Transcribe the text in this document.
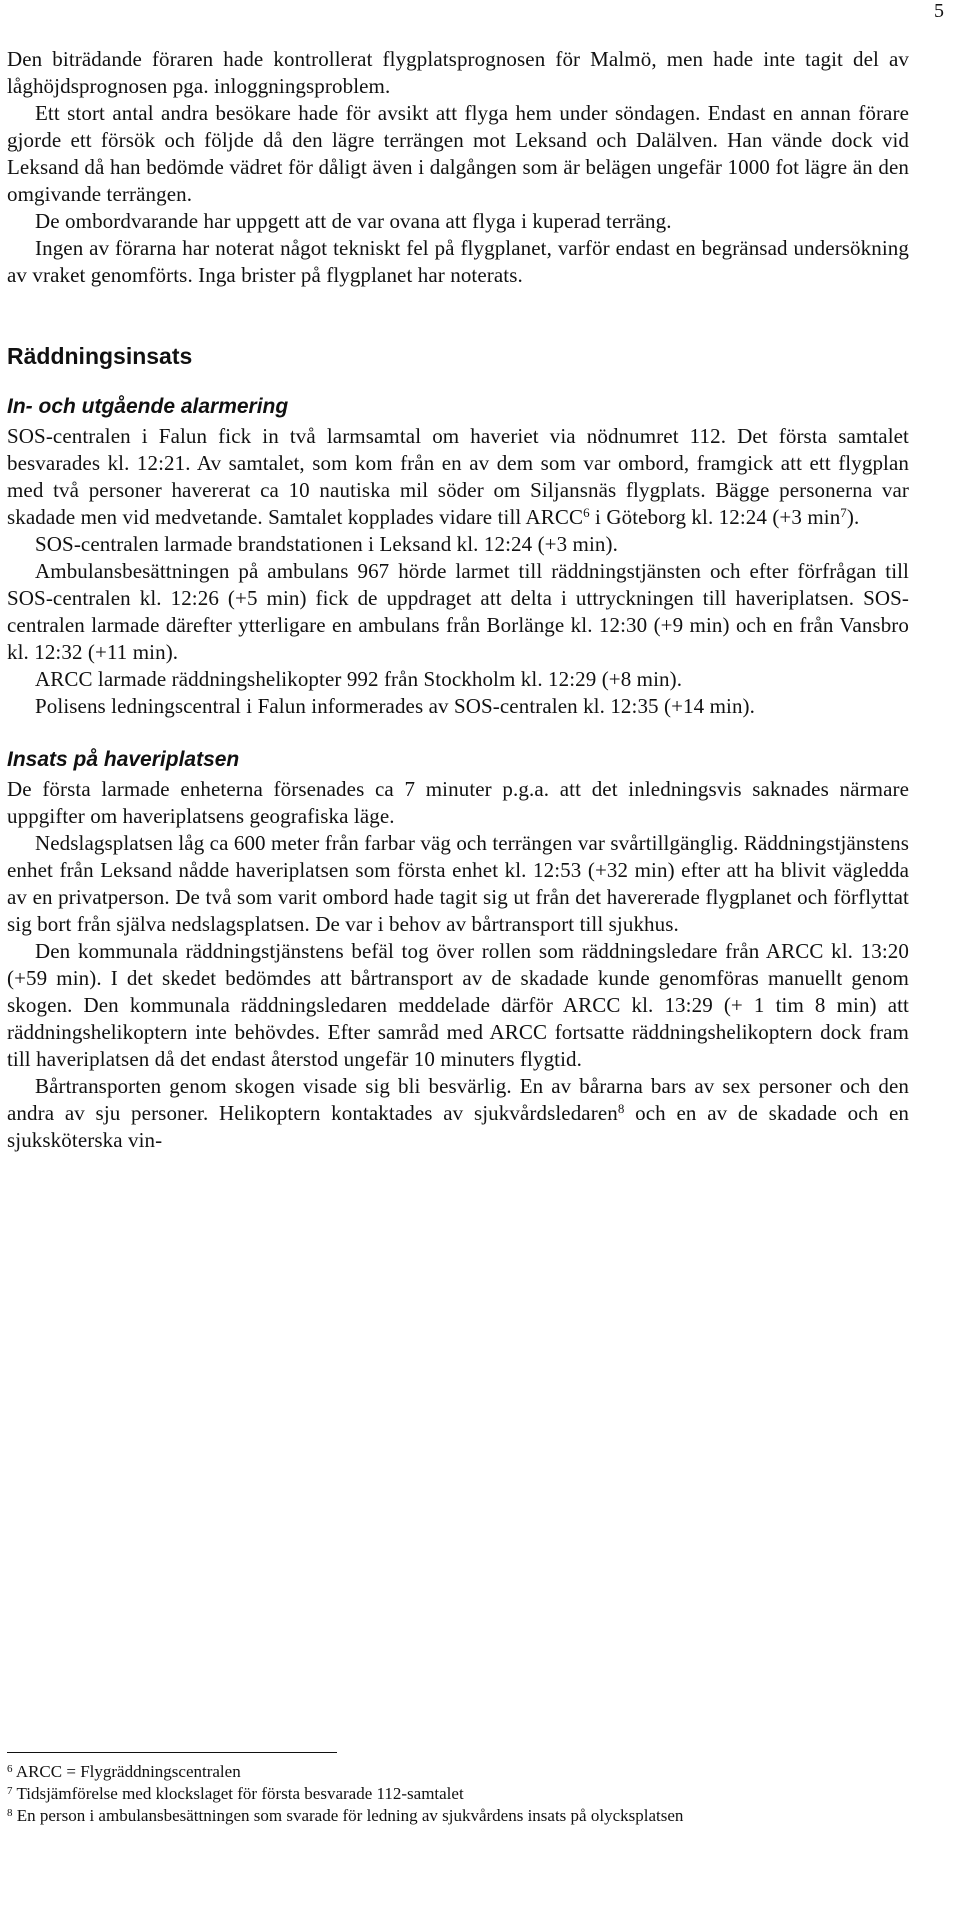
5

Den biträdande föraren hade kontrollerat flygplatsprognosen för Malmö, men hade inte tagit del av låghöjdsprognosen pga. inloggningsproblem.

Ett stort antal andra besökare hade för avsikt att flyga hem under söndagen. Endast en annan förare gjorde ett försök och följde då den lägre terrängen mot Leksand och Dalälven. Han vände dock vid Leksand då han bedömde vädret för dåligt även i dalgången som är belägen ungefär 1000 fot lägre än den omgivande terrängen.

De ombordvarande har uppgett att de var ovana att flyga i kuperad terräng.

Ingen av förarna har noterat något tekniskt fel på flygplanet, varför endast en begränsad undersökning av vraket genomförts. Inga brister på flygplanet har noterats.

Räddningsinsats
In- och utgående alarmering

SOS-centralen i Falun fick in två larmsamtal om haveriet via nödnumret 112. Det första samtalet besvarades kl. 12:21. Av samtalet, som kom från en av dem som var ombord, framgick att ett flygplan med två personer havererat ca 10 nautiska mil söder om Siljansnäs flygplats. Bägge personerna var skadade men vid medvetande. Samtalet kopplades vidare till ARCC$^6$ i Göteborg kl. 12:24 (+3 $\min^7$).

SOS-centralen larmade brandstationen i Leksand kl. 12:24 (+3 min).

Ambulansbesättningen på ambulans 967 hörde larmet till räddningstjänsten och efter förfrågan till SOS-centralen kl. 12:26 (+5 min) fick de uppdraget att delta i uttryckningen till haveriplatsen. SOS-centralen larmade därefter ytterligare en ambulans från Borlänge kl. 12:30 (+9 min) och en från Vansbro kl. 12:32 (+11 min).

ARCC larmade räddningshelikopter 992 från Stockholm kl. 12:29 (+8 min).

Polisens ledningscentral i Falun informerades av SOS-centralen kl. 12:35 (+14 min).

Insats på haveriplatsen

De första larmade enheterna försenades ca 7 minuter p.g.a. att det inledningsvis saknades närmare uppgifter om haveriplatsens geografiska läge.

Nedslagsplatsen låg ca 600 meter från farbar väg och terrängen var svårtillgänglig. Räddningstjänstens enhet från Leksand nådde haveriplatsen som första enhet kl. 12:53 (+32 min) efter att ha blivit vägledda av en privatperson. De två som varit ombord hade tagit sig ut från det havererade flygplanet och förflyttat sig bort från själva nedslagsplatsen. De var i behov av bårtransport till sjukhus.

Den kommunala räddningstjänstens befäl tog över rollen som räddningsledare från ARCC kl. 13:20 (+59 min). I det skedet bedömdes att bårtransport av de skadade kunde genomföras manuellt genom skogen. Den kommunala räddningsledaren meddelade därför ARCC kl. 13:29 (+ 1 tim 8 min) att räddningshelikoptern inte behövdes. Efter samråd med ARCC fortsatte räddningshelikoptern dock fram till haveriplatsen då det endast återstod ungefär 10 minuters flygtid.

Bårtransporten genom skogen visade sig bli besvärlig. En av bårarna bars av sex personer och den andra av sju personer. Helikoptern kontaktades av sjukvårdsledaren$^8$ och en av de skadade och en sjuksköterska vin-

$^6$ ARCC = Flygräddningscentralen
$^7$ Tidsjämförelse med klockslaget för första besvarade 112-samtalet
$^8$ En person i ambulansbesättningen som svarade för ledning av sjukvårdens insats på olycksplatsen
